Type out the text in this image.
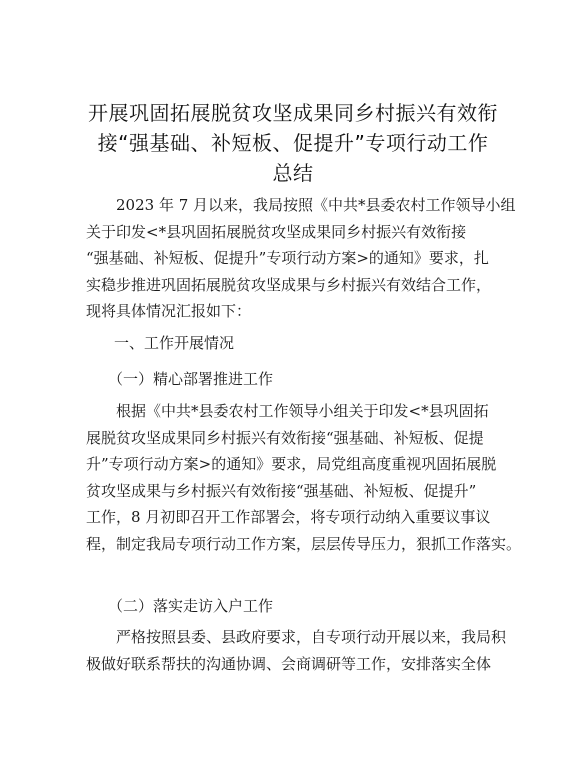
开展巩固拓展脱贫攻坚成果同乡村振兴有效衔
接“强基础、补短板、促提升”专项行动工作
总结
2023 年 7 月以来，我局按照《中共*县委农村工作领导小组
关于印发<*县巩固拓展脱贫攻坚成果同乡村振兴有效衔接
“强基础、补短板、促提升”专项行动方案>的通知》要求，扎
实稳步推进巩固拓展脱贫攻坚成果与乡村振兴有效结合工作，
现将具体情况汇报如下：
一、工作开展情况
（一）精心部署推进工作
根据《中共*县委农村工作领导小组关于印发<*县巩固拓
展脱贫攻坚成果同乡村振兴有效衔接“强基础、补短板、促提
升”专项行动方案>的通知》要求，局党组高度重视巩固拓展脱
贫攻坚成果与乡村振兴有效衔接“强基础、补短板、促提升”
工作，8 月初即召开工作部署会，将专项行动纳入重要议事议
程，制定我局专项行动工作方案，层层传导压力，狠抓工作落实。
（二）落实走访入户工作
严格按照县委、县政府要求，自专项行动开展以来，我局积
极做好联系帮扶的沟通协调、会商调研等工作，安排落实全体
